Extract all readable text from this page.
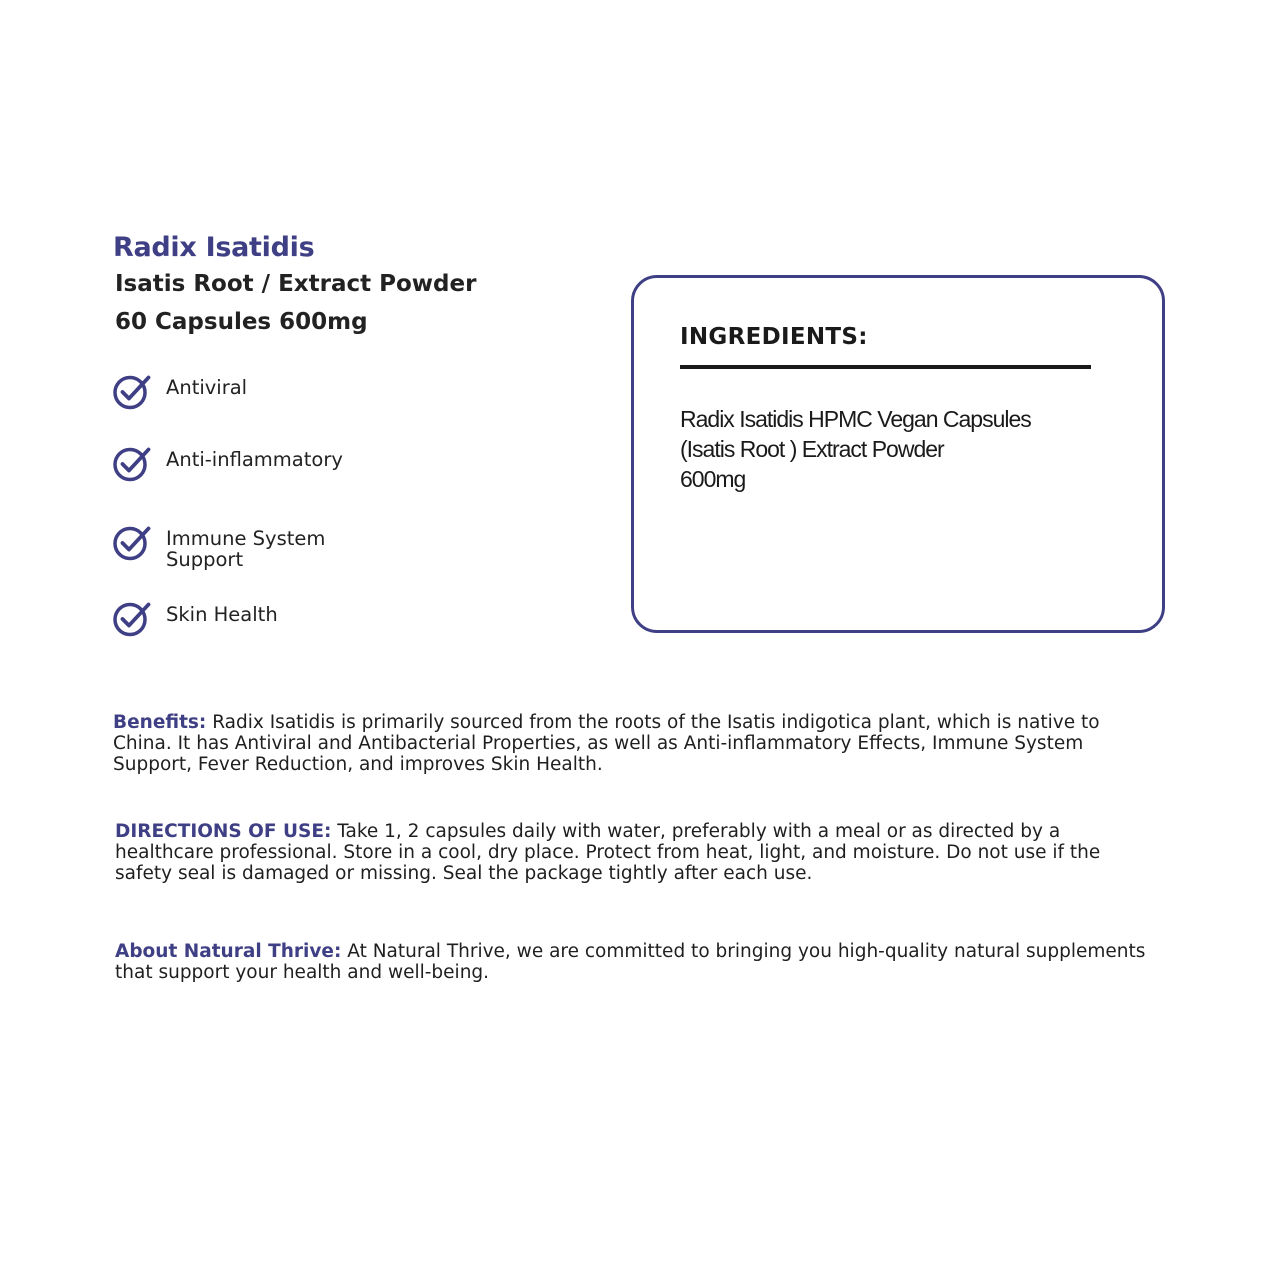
Radix Isatidis

Isatis Root / Extract Powder

60 Capsules 600mg

Antiviral
Anti-inflammatory
Immune System
Support
Skin Health
INGREDIENTS:
Radix Isatidis HPMC Vegan Capsules
(Isatis Root ) Extract Powder
600mg

Benefits: Radix Isatidis is primarily sourced from the roots of the Isatis indigotica plant, which is native to China. It has Antiviral and Antibacterial Properties, as well as Anti-inflammatory Effects, Immune System Support, Fever Reduction, and improves Skin Health.

DIRECTIONS OF USE: Take 1, 2 capsules daily with water, preferably with a meal or as directed by a healthcare professional. Store in a cool, dry place. Protect from heat, light, and moisture. Do not use if the safety seal is damaged or missing. Seal the package tightly after each use.

About Natural Thrive: At Natural Thrive, we are committed to bringing you high-quality natural supplements that support your health and well-being.
